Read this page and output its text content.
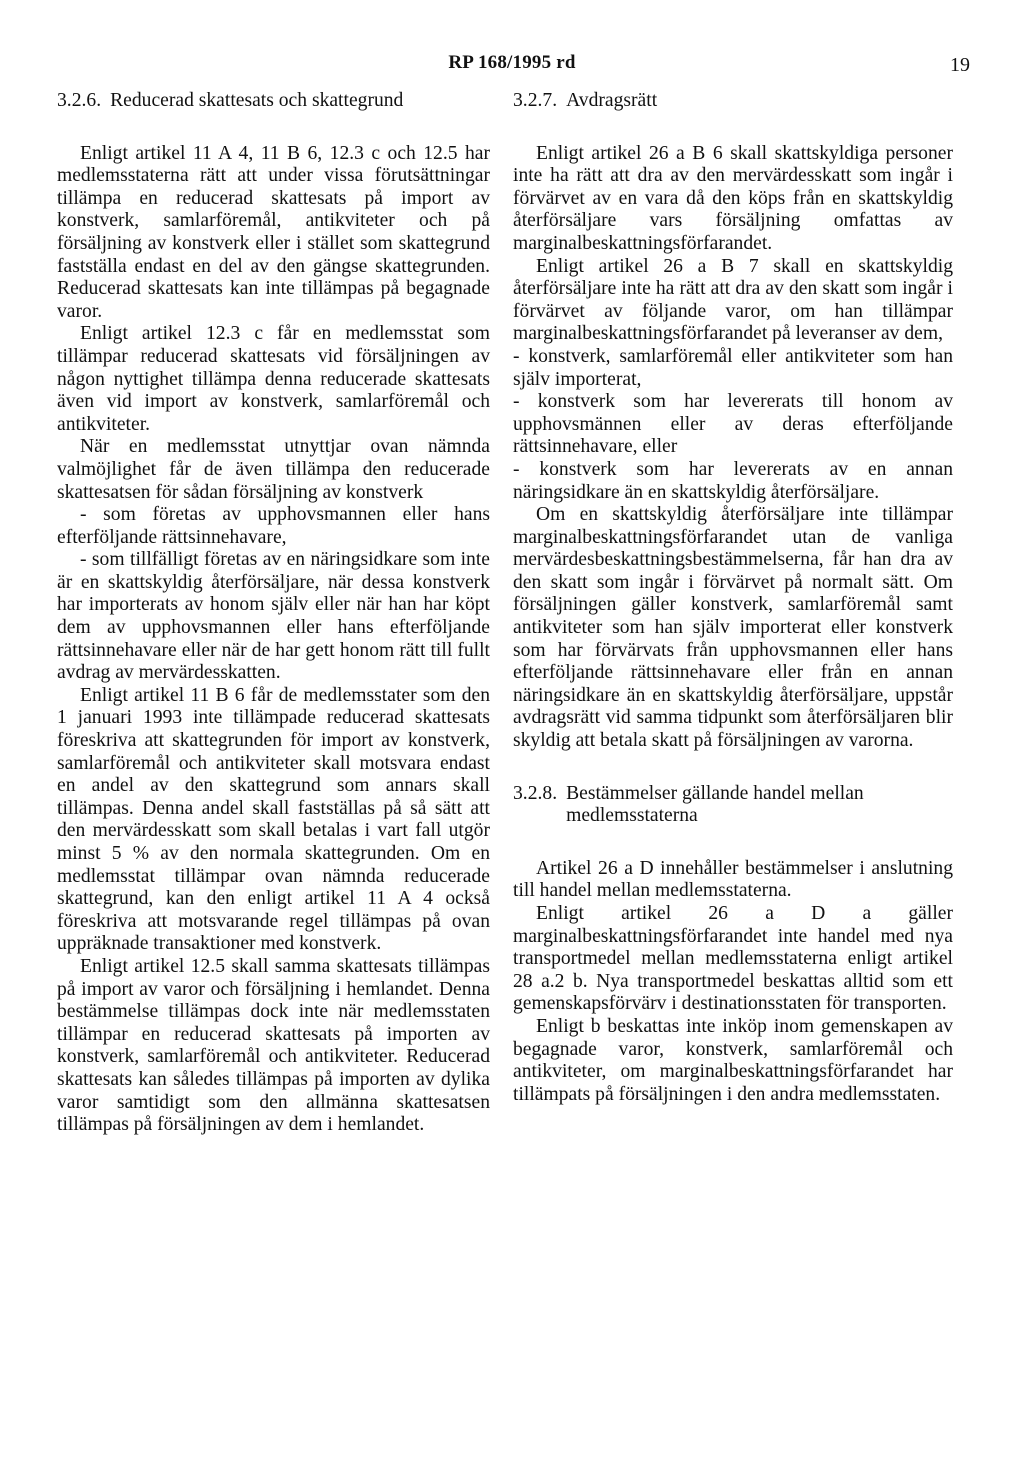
RP 168/1995 rd	19
3.2.6. Reducerad skattesats och skattegrund

Enligt artikel 11 A 4, 11 B 6, 12.3 c och 12.5 har medlemsstaterna rätt att under vissa förutsättningar tillämpa en reducerad skattesats på import av konstverk, samlarföremål, antikviteter och på försäljning av konstverk eller i stället som skattegrund fastställa endast en del av den gängse skattegrunden. Reducerad skattesats kan inte tillämpas på begagnade varor.

Enligt artikel 12.3 c får en medlemsstat som tillämpar reducerad skattesats vid försäljningen av någon nyttighet tillämpa denna reducerade skattesats även vid import av konstverk, samlarföremål och antikviteter.

När en medlemsstat utnyttjar ovan nämnda valmöjlighet får de även tillämpa den reducerade skattesatsen för sådan försäljning av konstverk

- som företas av upphovsmannen eller hans efterföljande rättsinnehavare,

- som tillfälligt företas av en näringsidkare som inte är en skattskyldig återförsäljare, när dessa konstverk har importerats av honom själv eller när han har köpt dem av upphovsmannen eller hans efterföljande rättsinnehavare eller när de har gett honom rätt till fullt avdrag av mervärdesskatten.

Enligt artikel 11 B 6 får de medlemsstater som den 1 januari 1993 inte tillämpade reducerad skattesats föreskriva att skattegrunden för import av konstverk, samlarföremål och antikviteter skall motsvara endast en andel av den skattegrund som annars skall tillämpas. Denna andel skall fastställas på så sätt att den mervärdesskatt som skall betalas i vart fall utgör minst 5 % av den normala skattegrunden. Om en medlemsstat tillämpar ovan nämnda reducerade skattegrund, kan den enligt artikel 11 A 4 också föreskriva att motsvarande regel tillämpas på ovan uppräknade transaktioner med konstverk.

Enligt artikel 12.5 skall samma skattesats tillämpas på import av varor och försäljning i hemlandet. Denna bestämmelse tillämpas dock inte när medlemsstaten tillämpar en reducerad skattesats på importen av konstverk, samlarföremål och antikviteter. Reducerad skattesats kan således tillämpas på importen av dylika varor samtidigt som den allmänna skattesatsen tillämpas på försäljningen av dem i hemlandet.

3.2.7. Avdragsrätt

Enligt artikel 26 a B 6 skall skattskyldiga personer inte ha rätt att dra av den mervärdesskatt som ingår i förvärvet av en vara då den köps från en skattskyldig återförsäljare vars försäljning omfattas av marginalbeskattningsförfarandet.

Enligt artikel 26 a B 7 skall en skattskyldig återförsäljare inte ha rätt att dra av den skatt som ingår i förvärvet av följande varor, om han tillämpar marginalbeskattningsförfarandet på leveranser av dem,

- konstverk, samlarföremål eller antikviteter som han själv importerat,

- konstverk som har levererats till honom av upphovsmännen eller av deras efterföljande rättsinnehavare, eller

- konstverk som har levererats av en annan näringsidkare än en skattskyldig återförsäljare.

Om en skattskyldig återförsäljare inte tillämpar marginalbeskattningsförfarandet utan de vanliga mervärdesbeskattningsbestämmelserna, får han dra av den skatt som ingår i förvärvet på normalt sätt. Om försäljningen gäller konstverk, samlarföremål samt antikviteter som han själv importerat eller konstverk som har förvärvats från upphovsmannen eller hans efterföljande rättsinnehavare eller från en annan näringsidkare än en skattskyldig återförsäljare, uppstår avdragsrätt vid samma tidpunkt som återförsäljaren blir skyldig att betala skatt på försäljningen av varorna.

3.2.8. Bestämmelser gällande handel mellan medlemsstaterna

Artikel 26 a D innehåller bestämmelser i anslutning till handel mellan medlemsstaterna.

Enligt artikel 26 a D a gäller marginalbeskattningsförfarandet inte handel med nya transportmedel mellan medlemsstaterna enligt artikel 28 a.2 b. Nya transportmedel beskattas alltid som ett gemenskapsförvärv i destinationsstaten för transporten.

Enligt b beskattas inte inköp inom gemenskapen av begagnade varor, konstverk, samlarföremål och antikviteter, om marginalbeskattningsförfarandet har tillämpats på försäljningen i den andra medlemsstaten.
